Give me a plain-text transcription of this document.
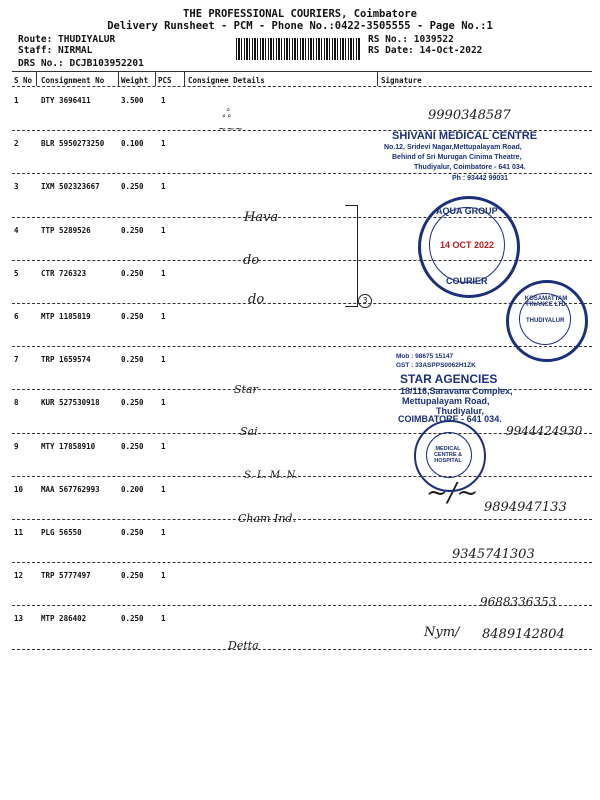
THE PROFESSIONAL COURIERS, Coimbatore
Delivery Runsheet - PCM - Phone No.:0422-3505555 - Page No.:1
Route: THUDIYALUR
Staff: NIRMAL
DRS No.: DCJB103952201
RS No.: 1039522
RS Date: 14-Oct-2022
S No Consignment No Weight PCS Consignee Details	Signature
1	DTY 3696411	3.500 1
2	BLR 5950273250 0.100 1
3	IXM 502323667	0.250 1
4	TTP 5289526	0.250 1
5	CTR 726323	0.250 1
6	MTP 1185819	0.250 1
7	TRP 1659574	0.250 1
8	KUR 527530918	0.250 1
9	MTY 17858910	0.250 1
10 MAA 567762993	0.200 1
11 PLG 56550	0.250 1
12 TRP 5777497	0.250 1
13 MTP 286402	0.250 1
ஃ
~~~
Hava
do
do	3
Star
Sai
S. L. M. N.
Cham Ind.
Detta
9990348587
9944424930
9894947133
9345741303
9688336353
8489142804
~/~
Nym/
SHIVANI MEDICAL CENTRE
No.12, Sridevi Nagar,Mettupalayam Road,
Behind of Sri Murugan Cinima Theatre,
Thudiyalur, Coimbatore - 641 034.
Ph : 93442 99031
AQUA GROUP
14 OCT 2022
COURIER
KOSAMATTAM FINANCE LTD
THUDIYALUR
Mob : 98675 15147
GST : 33ASPPS0062H1ZK
STAR AGENCIES
18/116,Saravana Complex,
Mettupalayam Road,
Thudiyalur,
COIMBATORE - 641 034.
MEDICAL CENTRE & HOSPITAL
